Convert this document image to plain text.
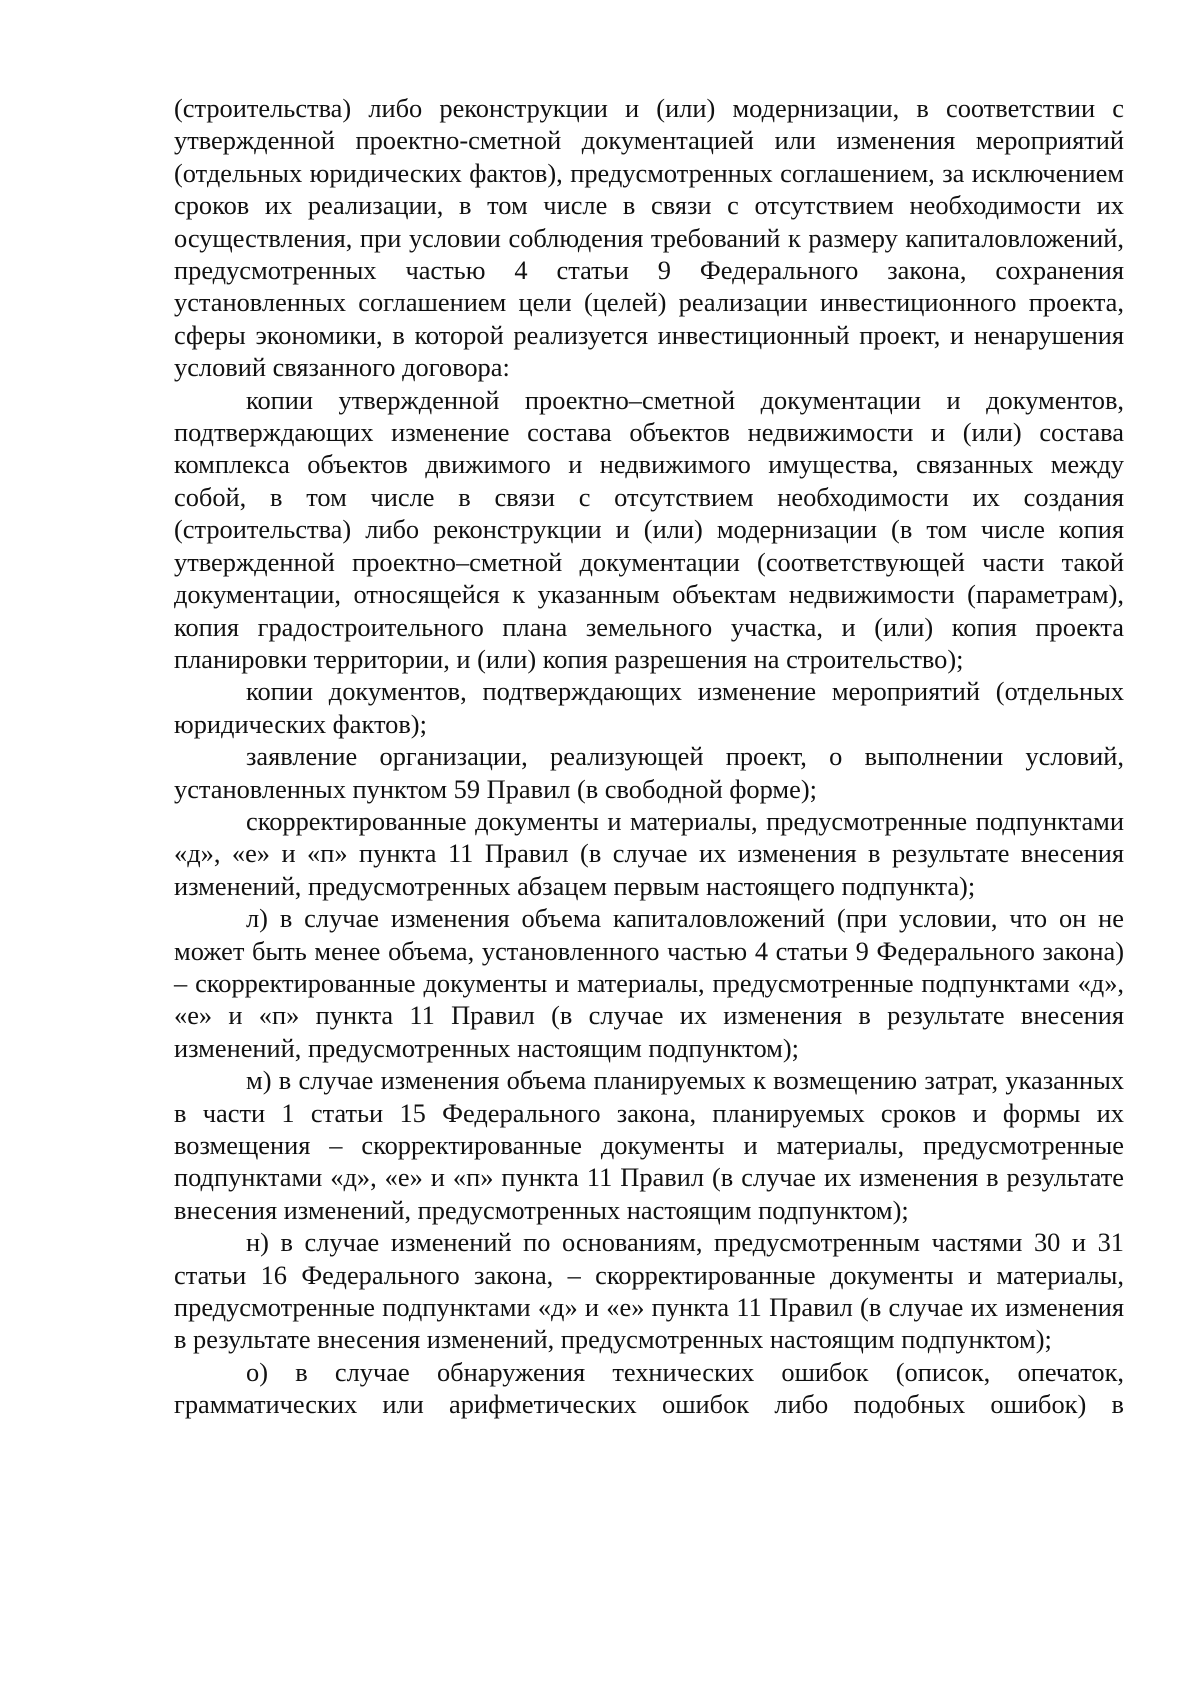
(строительства) либо реконструкции и (или) модернизации, в соответствии с утвержденной проектно-сметной документацией или изменения мероприятий (отдельных юридических фактов), предусмотренных соглашением, за исключением сроков их реализации, в том числе в связи с отсутствием необходимости их осуществления, при условии соблюдения требований к размеру капиталовложений, предусмотренных частью 4 статьи 9 Федерального закона, сохранения установленных соглашением цели (целей) реализации инвестиционного проекта, сферы экономики, в которой реализуется инвестиционный проект, и ненарушения условий связанного договора:

копии утвержденной проектно–сметной документации и документов, подтверждающих изменение состава объектов недвижимости и (или) состава комплекса объектов движимого и недвижимого имущества, связанных между собой, в том числе в связи с отсутствием необходимости их создания (строительства) либо реконструкции и (или) модернизации (в том числе копия утвержденной проектно–сметной документации (соответствующей части такой документации, относящейся к указанным объектам недвижимости (параметрам), копия градостроительного плана земельного участка, и (или) копия проекта планировки территории, и (или) копия разрешения на строительство);

копии документов, подтверждающих изменение мероприятий (отдельных юридических фактов);

заявление организации, реализующей проект, о выполнении условий, установленных пунктом 59 Правил (в свободной форме);

скорректированные документы и материалы, предусмотренные подпунктами «д», «е» и «п» пункта 11 Правил (в случае их изменения в результате внесения изменений, предусмотренных абзацем первым настоящего подпункта);

л) в случае изменения объема капиталовложений (при условии, что он не может быть менее объема, установленного частью 4 статьи 9 Федерального закона) – скорректированные документы и материалы, предусмотренные подпунктами «д», «е» и «п» пункта 11 Правил (в случае их изменения в результате внесения изменений, предусмотренных настоящим подпунктом);

м) в случае изменения объема планируемых к возмещению затрат, указанных в части 1 статьи 15 Федерального закона, планируемых сроков и формы их возмещения – скорректированные документы и материалы, предусмотренные подпунктами «д», «е» и «п» пункта 11 Правил (в случае их изменения в результате внесения изменений, предусмотренных настоящим подпунктом);

н) в случае изменений по основаниям, предусмотренным частями 30 и 31 статьи 16 Федерального закона, – скорректированные документы и материалы, предусмотренные подпунктами «д» и «е» пункта 11 Правил (в случае их изменения в результате внесения изменений, предусмотренных настоящим подпунктом);

о) в случае обнаружения технических ошибок (описок, опечаток, грамматических или арифметических ошибок либо подобных ошибок) в
